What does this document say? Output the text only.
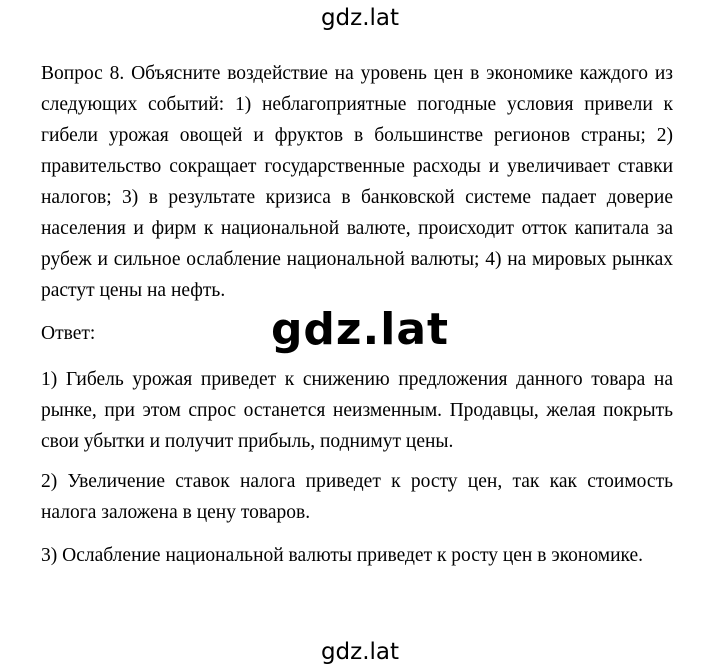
gdz.lat
Вопрос 8. Объясните воздействие на уровень цен в экономике каждого из следующих событий: 1) неблагоприятные погодные условия привели к гибели урожая овощей и фруктов в большинстве регионов страны; 2) правительство сокращает государственные расходы и увеличивает ставки налогов; 3) в результате кризиса в банковской системе падает доверие населения и фирм к национальной валюте, происходит отток капитала за рубеж и сильное ослабление национальной валюты; 4) на мировых рынках растут цены на нефть.
Ответ:	gdz.lat
1) Гибель урожая приведет к снижению предложения данного товара на рынке, при этом спрос останется неизменным. Продавцы, желая покрыть свои убытки и получит прибыль, поднимут цены.
2) Увеличение ставок налога приведет к росту цен, так как стоимость налога заложена в цену товаров.
3) Ослабление национальной валюты приведет к росту цен в экономике.
gdz.lat
